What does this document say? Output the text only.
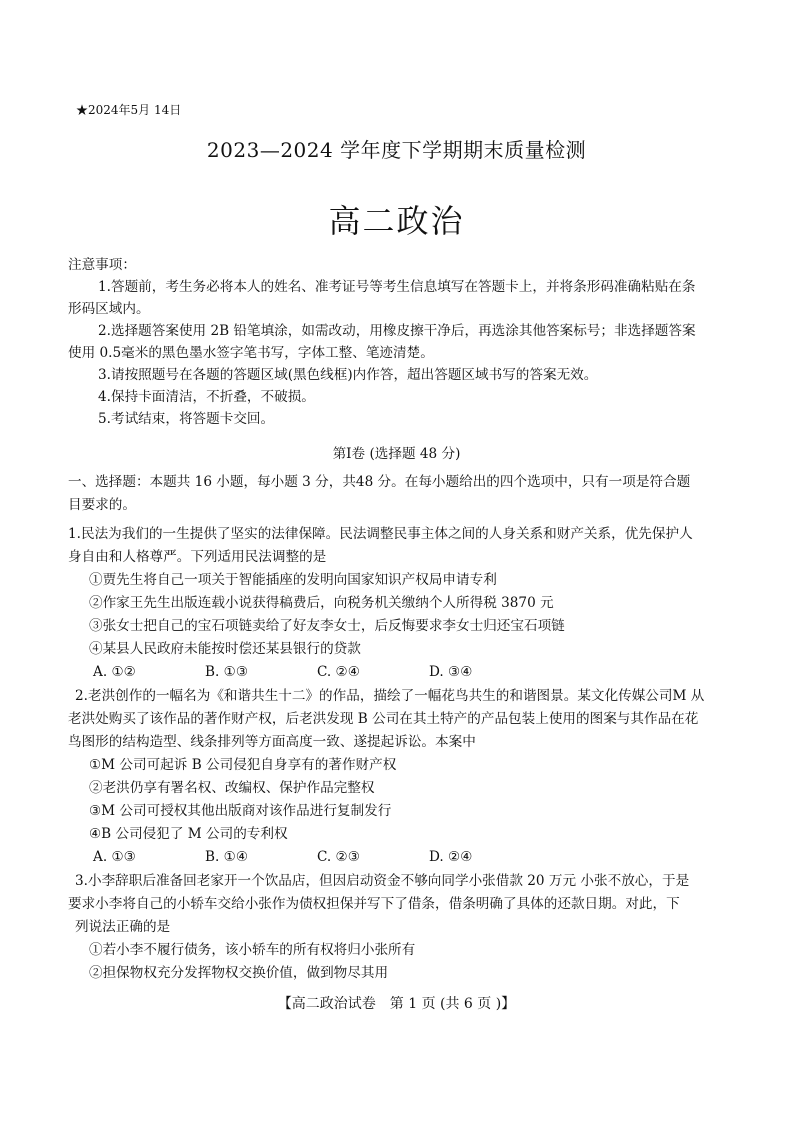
★2024年5月 14日
2023—2024 学年度下学期期末质量检测
高二政治
注意事项：
1.答题前，考生务必将本人的姓名、准考证号等考生信息填写在答题卡上，并将条形码准确粘贴在条
形码区域内。
2.选择题答案使用 2B 铅笔填涂，如需改动，用橡皮擦干净后，再选涂其他答案标号；非选择题答案
使用 0.5毫米的黑色墨水签字笔书写，字体工整、笔迹清楚。
3.请按照题号在各题的答题区域(黑色线框)内作答，超出答题区域书写的答案无效。
4.保持卡面清洁，不折叠，不破损。
5.考试结束，将答题卡交回。
第Ⅰ卷 (选择题 48 分)
一、选择题：本题共 16 小题，每小题 3 分，共48 分。在每小题给出的四个选项中，只有一项是符合题
目要求的。
1.民法为我们的一生提供了坚实的法律保障。民法调整民事主体之间的人身关系和财产关系，优先保护人
身自由和人格尊严。下列适用民法调整的是
①贾先生将自己一项关于智能插座的发明向国家知识产权局申请专利
②作家王先生出版连载小说获得稿费后，向税务机关缴纳个人所得税 3870 元
③张女士把自己的宝石项链卖给了好友李女士，后反悔要求李女士归还宝石项链
④某县人民政府未能按时偿还某县银行的贷款
A. ①②	B. ①③	C. ②④	D. ③④
2.老洪创作的一幅名为《和谐共生十二》的作品，描绘了一幅花鸟共生的和谐图景。某文化传媒公司M 从
老洪处购买了该作品的著作财产权，后老洪发现 B 公司在其土特产的产品包装上使用的图案与其作品在花
鸟图形的结构造型、线条排列等方面高度一致、遂提起诉讼。本案中
①M 公司可起诉 B 公司侵犯自身享有的著作财产权
②老洪仍享有署名权、改编权、保护作品完整权
③M 公司可授权其他出版商对该作品进行复制发行
④B 公司侵犯了 M 公司的专利权
A. ①③	B. ①④	C. ②③	D. ②④
3.小李辞职后准备回老家开一个饮品店，但因启动资金不够向同学小张借款 20 万元 小张不放心，于是
要求小李将自己的小轿车交给小张作为债权担保并写下了借条，借条明确了具体的还款日期。对此，下
列说法正确的是
①若小李不履行债务，该小轿车的所有权将归小张所有
②担保物权充分发挥物权交换价值，做到物尽其用
【高二政治试卷　第 1 页 (共 6 页 )】
